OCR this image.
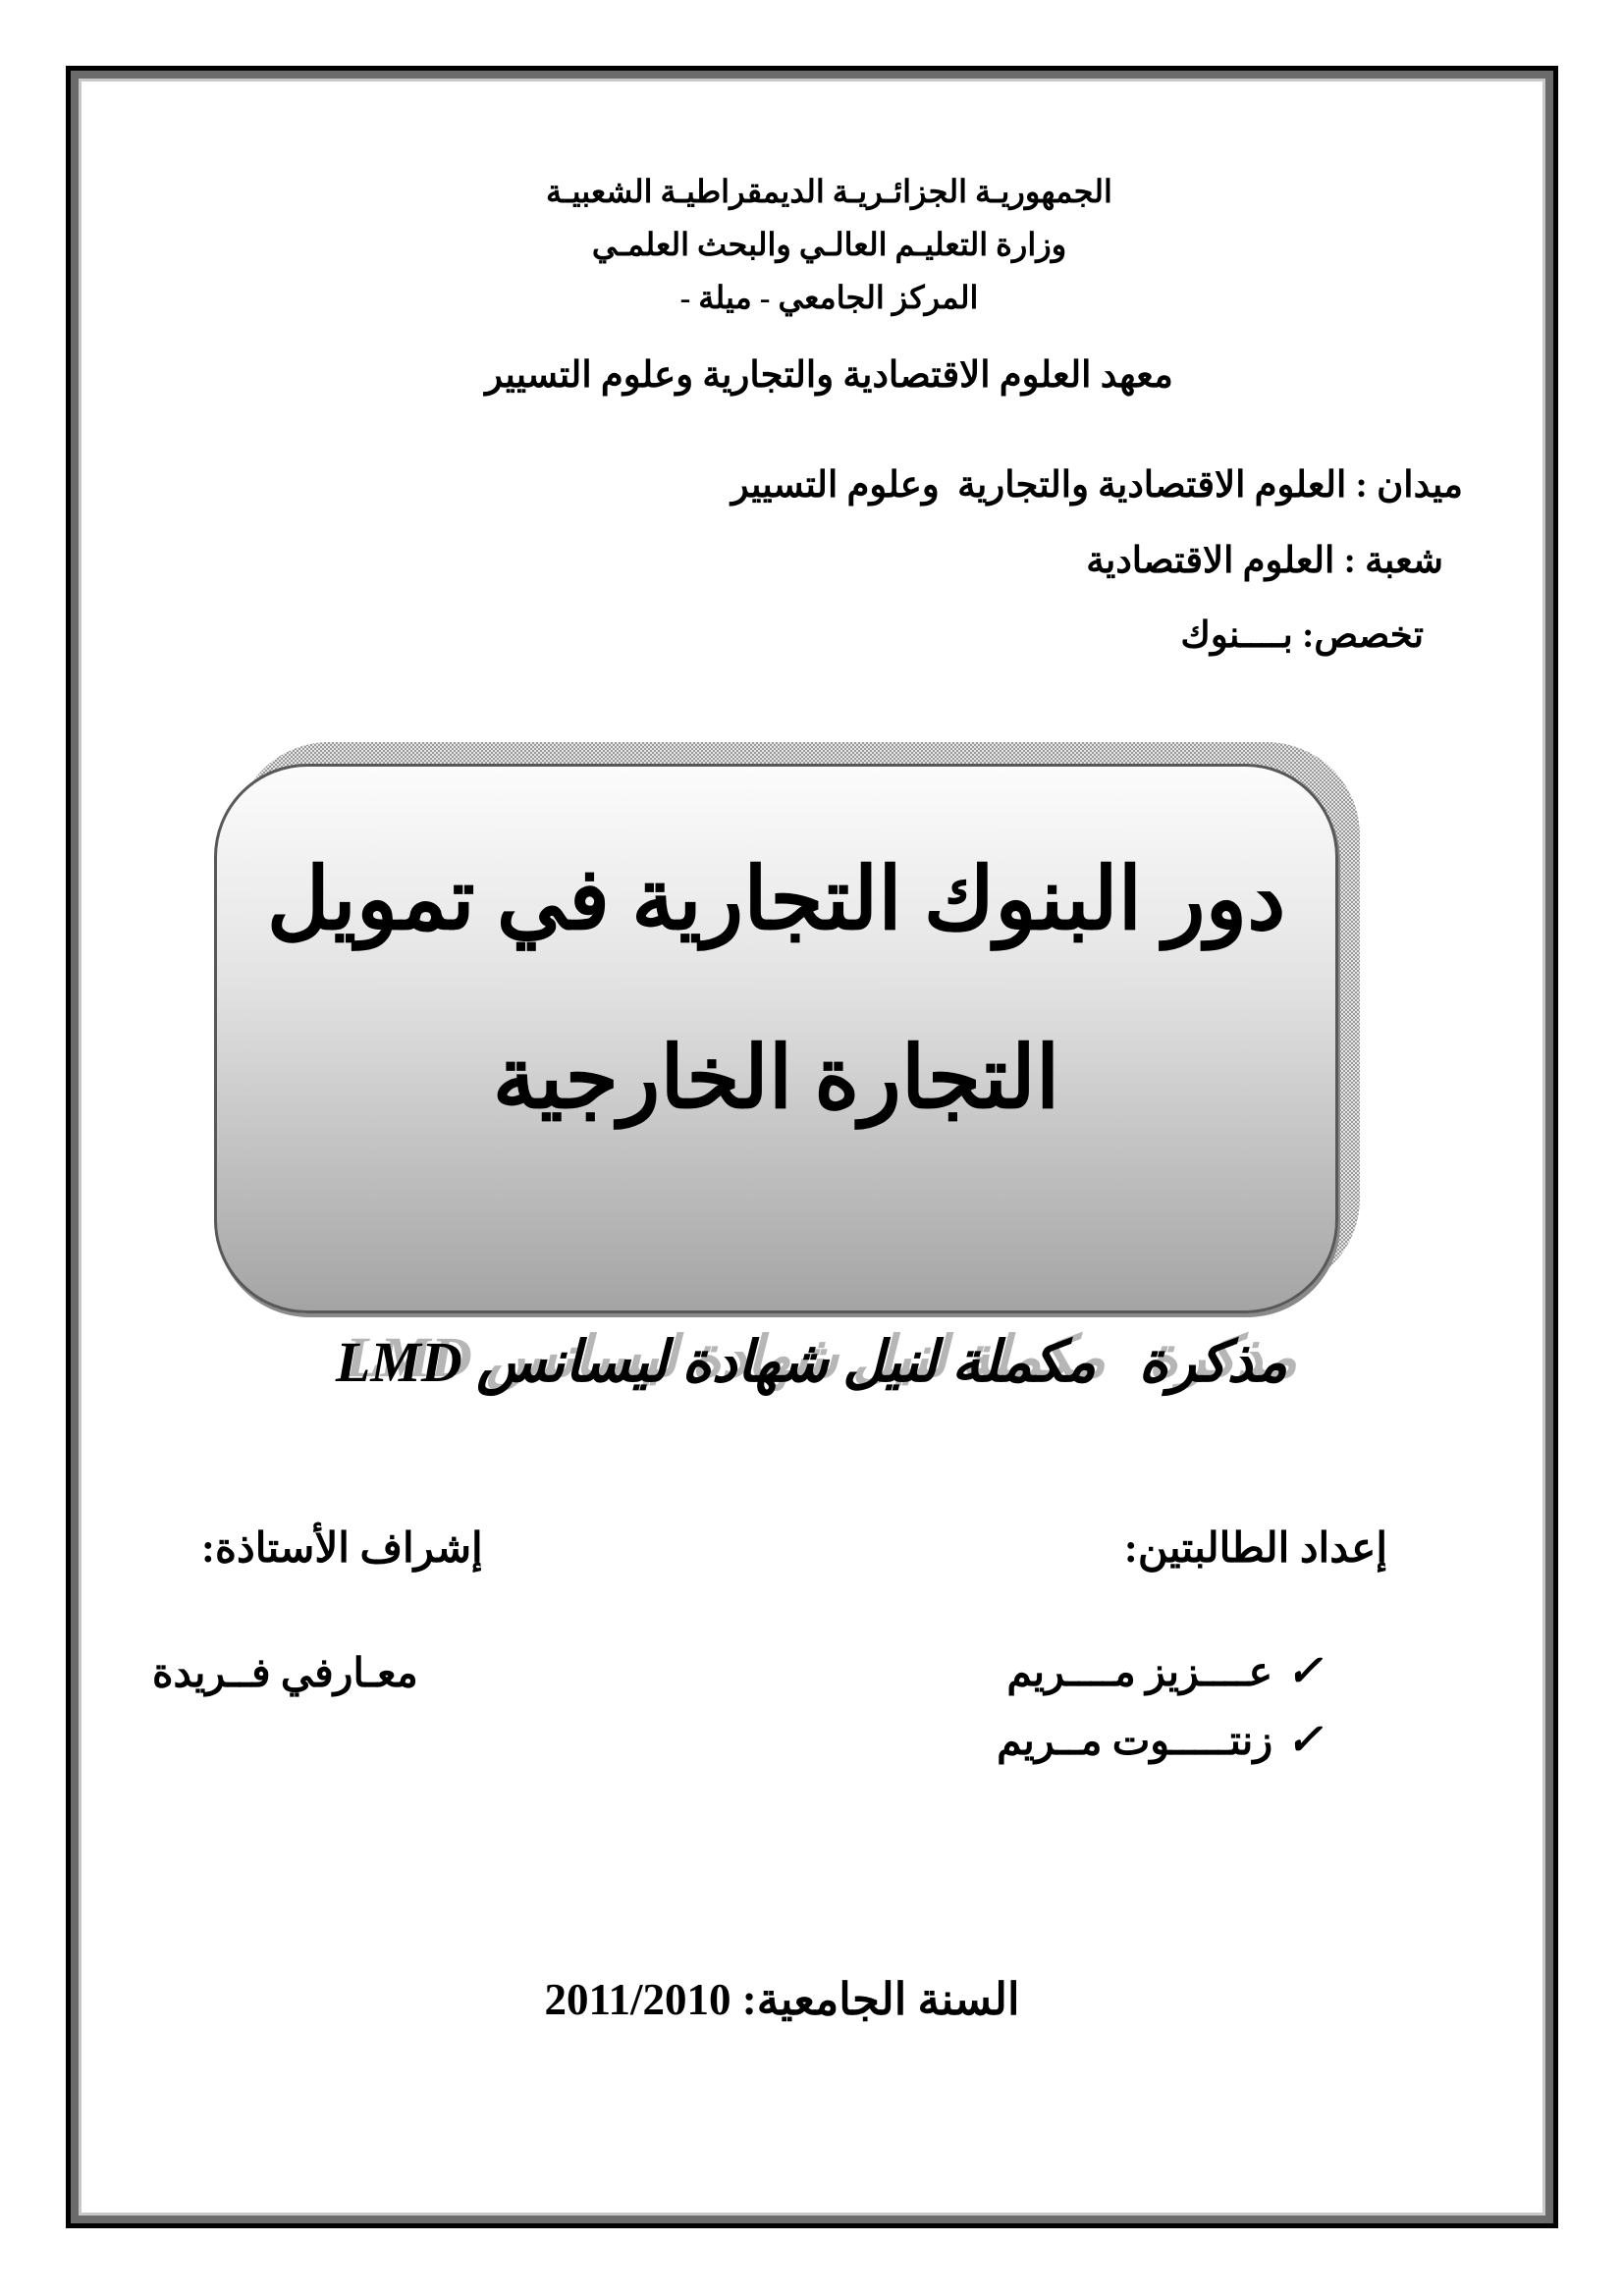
الجمهوريـة الجزائـريـة الديمقراطيـة الشعبيـة
وزارة التعليـم العالـي والبحث العلمـي
المركز الجامعي - ميلة -
معهد العلوم الاقتصادية والتجارية وعلوم التسيير
ميدان : العلوم الاقتصادية والتجارية  وعلوم التسيير
شعبة : العلوم الاقتصادية
تخصص: بــــنوك
دور البنوك التجارية في تمويل
التجارة الخارجية
مذكرة   مكملة لنيل شهادة ليسانس LMD
إعداد الطالبتين:
إشراف الأستاذة:
✓عــــزيز مــــريم
✓زنتـــــوت مــريم
معـارفي فــريدة
السنة الجامعية: 2011/2010
